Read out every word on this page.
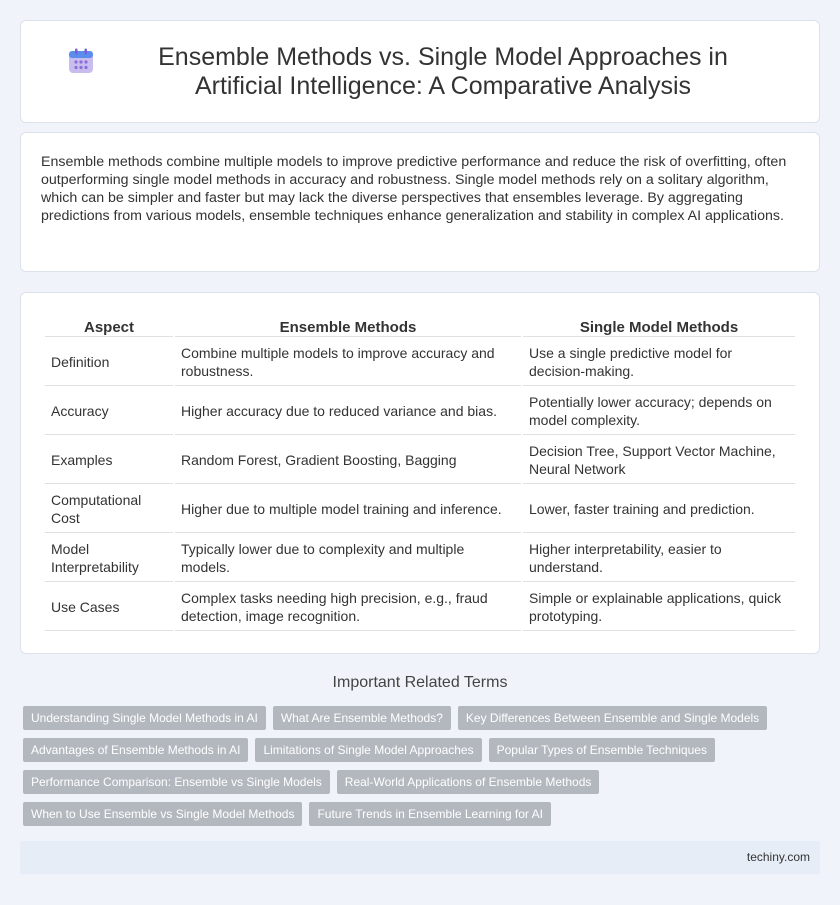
Ensemble Methods vs. Single Model Approaches in Artificial Intelligence: A Comparative Analysis

Ensemble methods combine multiple models to improve predictive performance and reduce the risk of overfitting, often outperforming single model methods in accuracy and robustness. Single model methods rely on a solitary algorithm, which can be simpler and faster but may lack the diverse perspectives that ensembles leverage. By aggregating predictions from various models, ensemble techniques enhance generalization and stability in complex AI applications.

Aspect	Ensemble Methods	Single Model Methods
Definition	Combine multiple models to improve accuracy and robustness.	Use a single predictive model for decision-making.
Accuracy	Higher accuracy due to reduced variance and bias.	Potentially lower accuracy; depends on model complexity.
Examples	Random Forest, Gradient Boosting, Bagging	Decision Tree, Support Vector Machine, Neural Network
Computational Cost	Higher due to multiple model training and inference.	Lower, faster training and prediction.
Model Interpretability	Typically lower due to complexity and multiple models.	Higher interpretability, easier to understand.
Use Cases	Complex tasks needing high precision, e.g., fraud detection, image recognition.	Simple or explainable applications, quick prototyping.
Important Related Terms
Understanding Single Model Methods in AI	What Are Ensemble Methods?	Key Differences Between Ensemble and Single Models
Advantages of Ensemble Methods in AI	Limitations of Single Model Approaches	Popular Types of Ensemble Techniques
Performance Comparison: Ensemble vs Single Models	Real-World Applications of Ensemble Methods
When to Use Ensemble vs Single Model Methods	Future Trends in Ensemble Learning for AI
techiny.com
